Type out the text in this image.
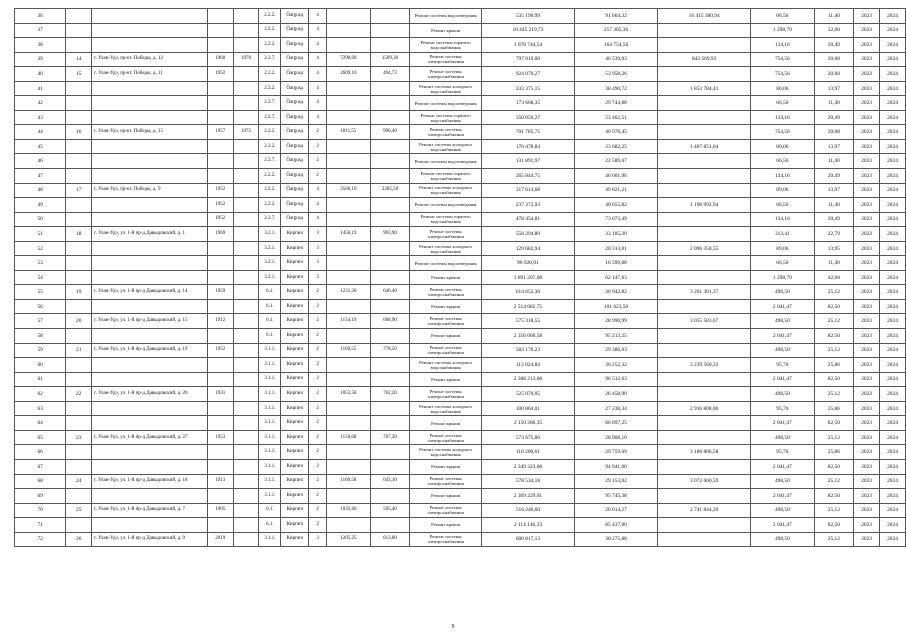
36					2.2.2.	Öаrgusд	4			Ремонт системы водоотведения	535 190,99	91 664,32	16 415 380,94	66,56	11,40	2023	2024
37					2.2.2.	Öаrgusд	4			Ремонт крыши	10 445 219,73	257 305,36		1 298,70	32,00	2023	2024
38					2.2.2.	Öаrgusд	4			Ремонт системы горячего водоснабжения	1 078 744,54	164 754,56		134,16	20,49	2023	2024
39	14	г. Улан-Удэ, пр-кт. Победы, д. 12	1960	1978	2.2.7.	Öаrgusд	4	7298,00	1509,30	Ремонт системы электроснабжения	797 010,00	46 539,93	843 569,93	754,56	20,68	2023	2024
40	15	г. Улан-Удэ, пр-кт. Победы, д. 11	1952		2.2.2.	Öаrgusд	4	2609,10	494,73	Ремонт системы электроснабжения	924 070,27	53 958,26		754,56	20,68	2023	2024
41					2.2.2.	Öаrgusд	4			Ремонт системы холодного водоснабжения	232 375,15	38 490,72	1 853 784,41	80,06	13,97	2023	2024
42					2.2.7.	Öаrgusд	4			Ремонт системы водоотведения	173 668,35	29 744,88		66,56	11,40	2023	2024
43					2.2.7.	Öаrgusд	4			Ремонт системы горячего водоснабжения	350 050,27	53 462,51		134,16	20,49	2023	2024
44	16	г. Улан-Удэ, пр-кт. Победы, д. 15	1957	1972	2.2.2.	Öаrgusд	2	1811,55	996,40	Ремонт системы электроснабжения	701 785,75	40 978,45		754,56	20,68	2023	2024
45					2.2.2.	Öаrgusд	2			Ремонт системы холодного водоснабжения	176 478,84	23 682,25	1 407 851,64	80,06	13,97	2023	2024
46					2.2.7.	Öаrgusд	2			Ремонт системы водоотведения	131 891,97	22 589,67		66,56	11,40	2023	2024
47					2.2.2.	Öаrgusд	2			Ремонт системы горячего водоснабжения	265 844,75	40 601,96		134,16	20,49	2023	2024
48	17	г. Улан-Удэ, пр-кт. Победы, д. 9	1952		2.2.2.	Öаrgusд	4	3566,10	2285,50	Ремонт системы холодного водоснабжения	317 614,68	49 821,21		89,06	13,97	2023	2024
49			1952		2.2.2.	Öаrgusд	4			Ремонт системы водоотведения	237 372,93	40 655,82	1 196 992,94	66,56	11,40	2023	2024
50			1952		2.2.7.	Öаrgusд	4			Ремонт системы горячего водоснабжения	478 454,81	73 073,49		134,16	20,49	2023	2024
51	18	г. Улан-Удэ, ул. 1-й пр-д Давыдовский, д. 1	1969		3.2.1.	Кирпич	3	1456,19	903,90	Ремонт системы электроснабжения	558 294,80	33 185,20		313,41	22,79	2023	2024
52					3.2.1.	Кирпич	3			Ремонт системы холодного водоснабжения	129 682,94	20 313,01	2 096 350,55	89,06	13,95	2023	2024
53					3.2.1.	Кирпич	3			Ремонт системы водоотведения	96 920,01	16 599,88		66,56	11,40	2023	2024
54					3.2.1.	Кирпич	3			Ремонт крыши	1 891 207,08	62 147,63		1 298,70	42,68	2023	2024
55	19	г. Улан-Удэ, ул. 1-й пр-д Давыдовский, д. 14	1959		6.1.	Кирпич	2	1231,30	640,40	Ремонт системы электроснабжения	614 652,30	30 942,82	3 261 301,37	498,50	25,12	2023	2024
56					6.1.	Кирпич	2			Ремонт крыши	2 514 682,75	101 623,50		2 041,47	82,50	2023	2024
57	20	г. Улан-Удэ, ул. 1-й пр-д Давыдовский, д. 15	1912		6.1.	Кирпич	2	1154,19	668,90	Ремонт системы электроснабжения	575 318,55	28 990,99	3 055 583,67	498,50	25,12	2023	2024
58					6.1.	Кирпич	2			Ремонт крыши	2 356 060,58	95 213,25		2 041,47	82,50	2023	2024
59	21	г. Улан-Удэ, ул. 1-й пр-д Давыдовский, д. 19	1952		3.1.1.	Кирпич	2	1169,55	778,50	Ремонт системы электроснабжения	583 170,23	29 386,03		498,50	25,12	2023	2024
60					3.1.1.	Кирпич	2			Ремонт системы холодного водоснабжения	112 024,84	30 252,32	3 239 560,33	95,76	25,86	2023	2024
61					3.1.1.	Кирпич	2			Ремонт крыши	2 388 213,68	96 512,63		2 041,47	82,50	2023	2024
62	22	г. Улан-Удэ, ул. 1-й пр-д Давыдовский, д. 20	1931		3.1.1.	Кирпич	2	1053,58	702,20	Ремонт системы электроснабжения	525 070,05	26 458,90		498,50	25,12	2023	2024
63					3.1.1.	Кирпич	2			Ремонт системы холодного водоснабжения	100 864,01	27 238,34	2 916 808,00	95,76	25,86	2023	2024
64					3.1.1.	Кирпич	2			Ремонт крыши	2 150 280,35	86 897,25		2 041,47	82,50	2023	2024
65	23	г. Улан-Удэ, ул. 1-й пр-д Давыдовский, д. 27	1953		3.1.1.	Кирпич	2	1150,68	767,20	Ремонт системы электроснабжения	573 675,80	28 908,10		498,50	25,12	2023	2024
66					3.1.1.	Кирпич	2			Ремонт системы холодного водоснабжения	110 200,61	29 759,69	3 186 806,58	95,76	25,86	2023	2024
67					3.1.1.	Кирпич	2			Ремонт крыши	2 349 323,68	94 941,00		2 041,47	82,50	2023	2024
68	24	г. Улан-Удэ, ул. 1-й пр-д Давыдовский, д. 18	1913		3.1.1.	Кирпич	2	1160,58	643,10	Ремонт системы электроснабжения	578 534,18	29 153,02	3 072 660,59	498,50	25,12	2023	2024
69					3.1.1.	Кирпич	2			Ремонт крыши	2 369 229,01	95 745,38		2 041,47	82,50	2023	2024
70	25	г. Улан-Удэ, ул. 1-й пр-д Давыдовский, д. 7	1905		6.1.	Кирпич	2	1035,60	595,40	Ремонт системы электроснабжения	516 246,60	26 014,27	2 741 844,20	498,50	25,12	2023	2024
71					6.1.	Кирпич	2			Ремонт крыши	2 114 146,33	85 437,00		2 041,47	82,50	2023	2024
72	26	г. Улан-Удэ, ул. 1-й пр-д Давыдовский, д. 9	2019		3.1.1.	Кирпич	3	1205,25	613,80	Ремонт системы электроснабжения	600 817,13	30 275,88		498,50	25,12	2023	2024
9
